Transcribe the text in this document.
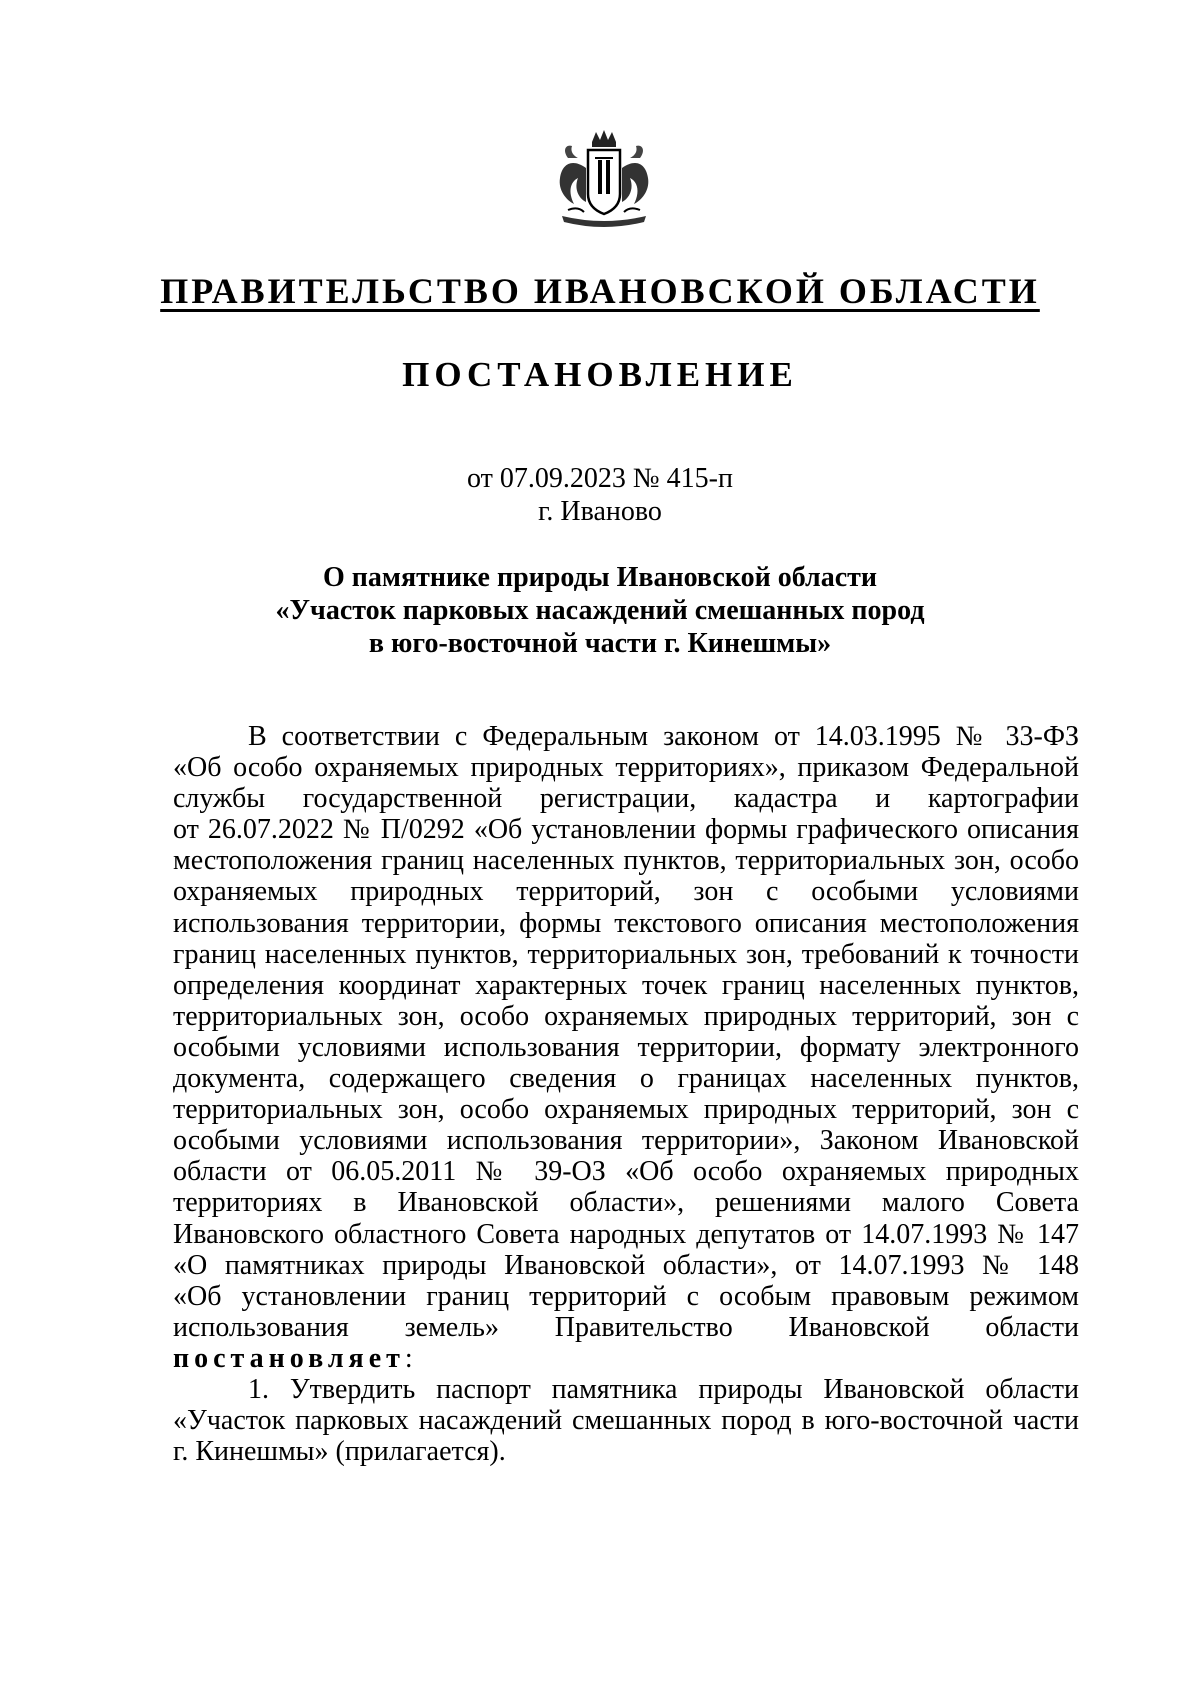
ПРАВИТЕЛЬСТВО ИВАНОВСКОЙ ОБЛАСТИ
ПОСТАНОВЛЕНИЕ
от 07.09.2023 № 415-п
г. Иваново
О памятнике природы Ивановской области
«Участок парковых насаждений смешанных пород
в юго-восточной части г. Кинешмы»
В соответствии с Федеральным законом от 14.03.1995 № 33-ФЗ
«Об особо охраняемых природных территориях», приказом Федеральной
службы государственной регистрации, кадастра и картографии
от 26.07.2022 № П/0292 «Об установлении формы графического описания
местоположения границ населенных пунктов, территориальных зон, особо
охраняемых природных территорий, зон с особыми условиями
использования территории, формы текстового описания местоположения
границ населенных пунктов, территориальных зон, требований к точности
определения координат характерных точек границ населенных пунктов,
территориальных зон, особо охраняемых природных территорий, зон с
особыми условиями использования территории, формату электронного
документа, содержащего сведения о границах населенных пунктов,
территориальных зон, особо охраняемых природных территорий, зон с
особыми условиями использования территории», Законом Ивановской
области от 06.05.2011 № 39-ОЗ «Об особо охраняемых природных
территориях в Ивановской области», решениями малого Совета
Ивановского областного Совета народных депутатов от 14.07.1993 № 147
«О памятниках природы Ивановской области», от 14.07.1993 № 148
«Об установлении границ территорий с особым правовым режимом
использования земель» Правительство Ивановской области
постановляет:
1. Утвердить паспорт памятника природы Ивановской области
«Участок парковых насаждений смешанных пород в юго-восточной части
г. Кинешмы» (прилагается).
